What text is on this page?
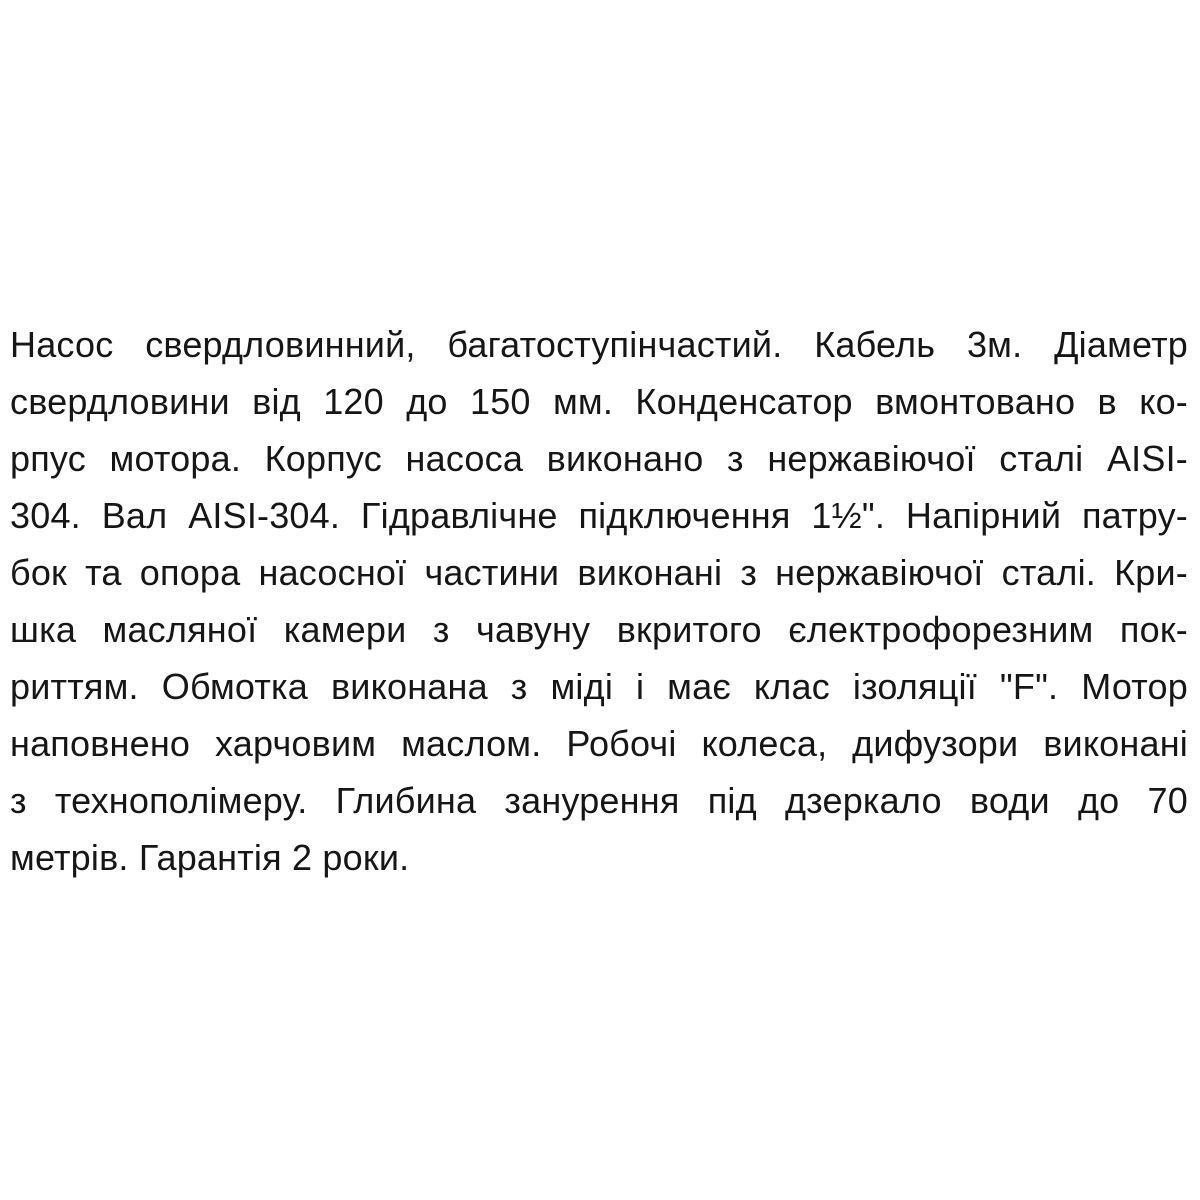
Насос свердловинний, багатоступінчастий. Кабель 3м. Діаметр
свердловини від 120 до 150 мм. Конденсатор вмонтовано в ко-
рпус мотора. Корпус насоса виконано з нержавіючої сталі AISI-
304. Вал AISI-304. Гідравлічне підключення 1½". Напірний патру-
бок та опора насосної частини виконані з нержавіючої сталі. Кри-
шка масляної камери з чавуну вкритого єлектрофорезним пок-
риттям. Обмотка виконана з міді і має клас ізоляції "F". Мотор
наповнено харчовим маслом. Робочі колеса, дифузори виконані
з технополімеру. Глибина занурення під дзеркало води до 70
метрів. Гарантія 2 роки.
